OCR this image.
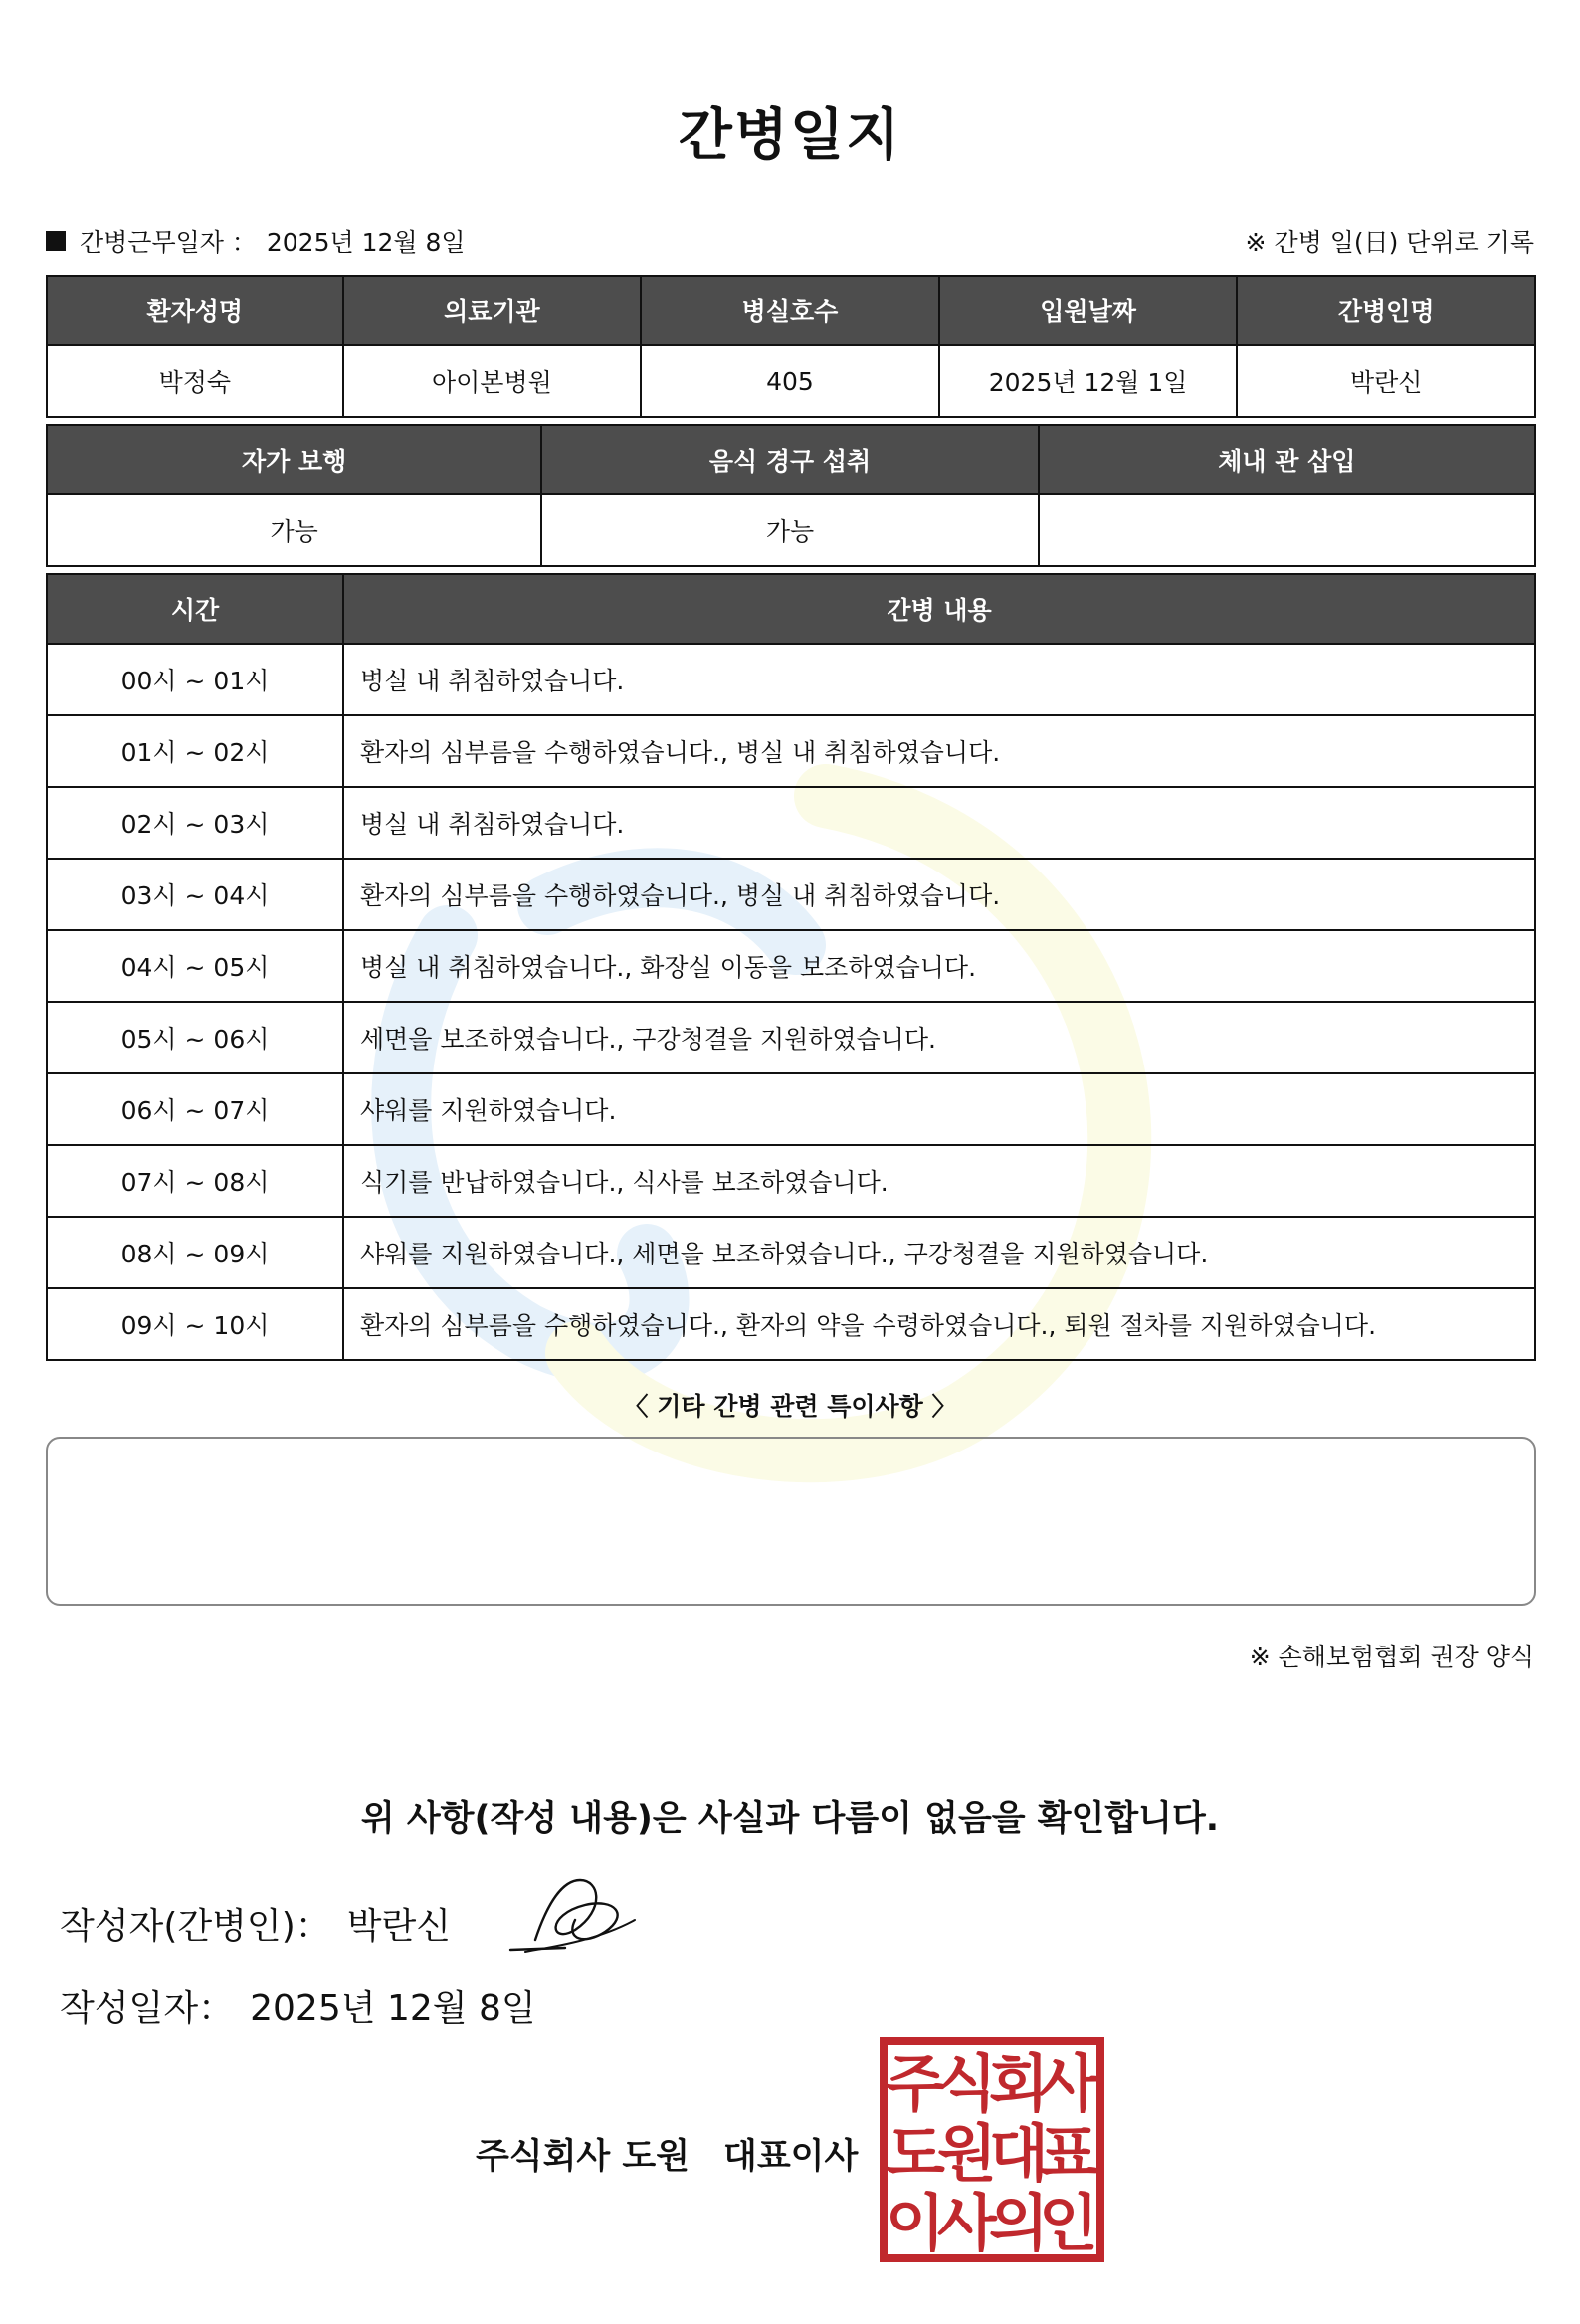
간병일지
간병근무일자 ： 2025년 12월 8일	※ 간병 일(日) 단위로 기록
환자성명	의료기관	병실호수	입원날짜	간병인명
박정숙	아이본병원	405	2025년 12월 1일	박란신
자가 보행	음식 경구 섭취	체내 관 삽입
가능	가능	
시간	간병 내용
00시 ~ 01시	병실 내 취침하였습니다.
01시 ~ 02시	환자의 심부름을 수행하였습니다., 병실 내 취침하였습니다.
02시 ~ 03시	병실 내 취침하였습니다.
03시 ~ 04시	환자의 심부름을 수행하였습니다., 병실 내 취침하였습니다.
04시 ~ 05시	병실 내 취침하였습니다., 화장실 이동을 보조하였습니다.
05시 ~ 06시	세면을 보조하였습니다., 구강청결을 지원하였습니다.
06시 ~ 07시	샤워를 지원하였습니다.
07시 ~ 08시	식기를 반납하였습니다., 식사를 보조하였습니다.
08시 ~ 09시	샤워를 지원하였습니다., 세면을 보조하였습니다., 구강청결을 지원하였습니다.
09시 ~ 10시	환자의 심부름을 수행하였습니다., 환자의 약을 수령하였습니다., 퇴원 절차를 지원하였습니다.
〈 기타 간병 관련 특이사항 〉
※ 손해보험협회 권장 양식
위 사항(작성 내용)은 사실과 다름이 없음을 확인합니다.
작성자(간병인)： 박란신
작성일자： 2025년 12월 8일
주식회사 도원 대표이사
주
식
회
사
도
원
대
표
이
사
의
인
